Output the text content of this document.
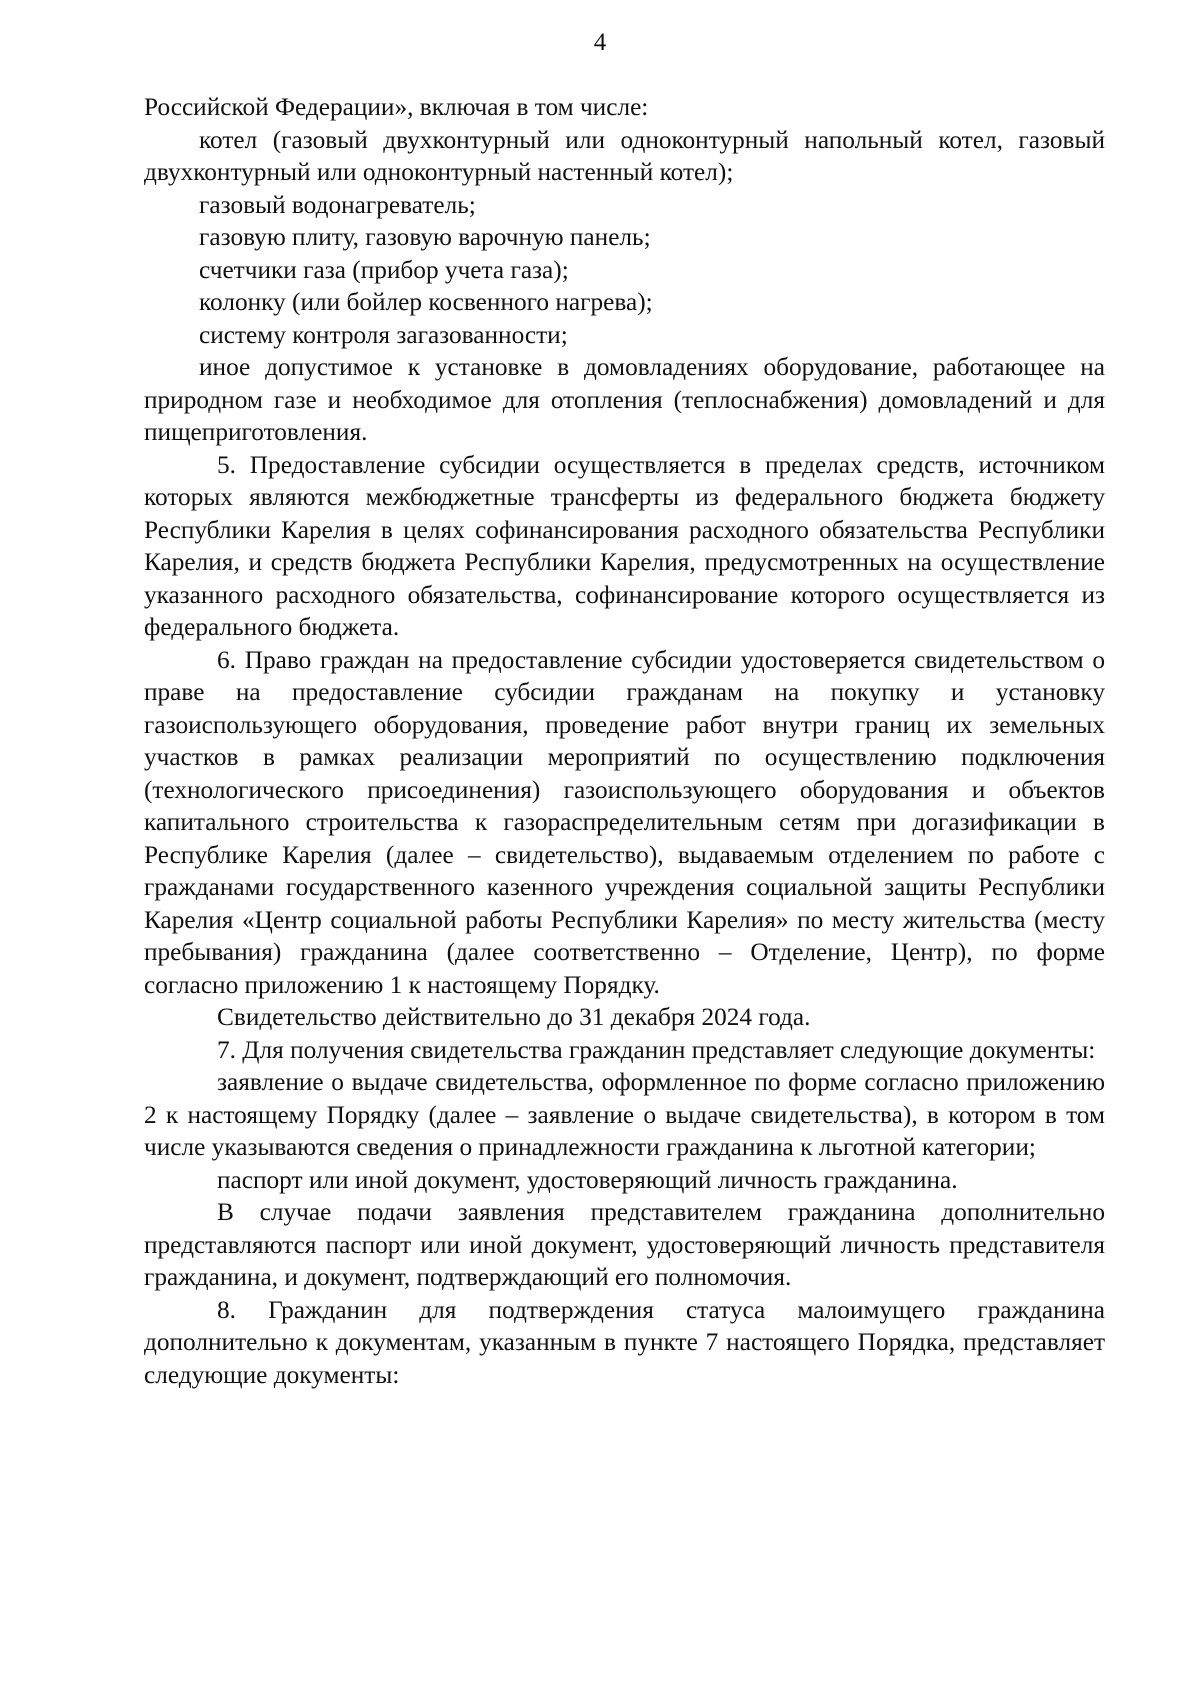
4

Российской Федерации», включая в том числе:

котел (газовый двухконтурный или одноконтурный напольный котел, газовый двухконтурный или одноконтурный настенный котел);

газовый водонагреватель;

газовую плиту, газовую варочную панель;

счетчики газа (прибор учета газа);

колонку (или бойлер косвенного нагрева);

систему контроля загазованности;

иное допустимое к установке в домовладениях оборудование, работающее на природном газе и необходимое для отопления (теплоснабжения) домовладений и для пищеприготовления.

5. Предоставление субсидии осуществляется в пределах средств, источником которых являются межбюджетные трансферты из федерального бюджета бюджету Республики Карелия в целях софинансирования расходного обязательства Республики Карелия, и средств бюджета Республики Карелия, предусмотренных на осуществление указанного расходного обязательства, софинансирование которого осуществляется из федерального бюджета.

6. Право граждан на предоставление субсидии удостоверяется свидетельством о праве на предоставление субсидии гражданам на покупку и установку газоиспользующего оборудования, проведение работ внутри границ их земельных участков в рамках реализации мероприятий по осуществлению подключения (технологического присоединения) газоиспользующего оборудования и объектов капитального строительства к газораспределительным сетям при догазификации в Республике Карелия (далее – свидетельство), выдаваемым отделением по работе с гражданами государственного казенного учреждения социальной защиты Республики Карелия «Центр социальной работы Республики Карелия» по месту жительства (месту пребывания) гражданина (далее соответственно – Отделение, Центр), по форме согласно приложению 1 к настоящему Порядку.

Свидетельство действительно до 31 декабря 2024 года.

7. Для получения свидетельства гражданин представляет следующие документы:

заявление о выдаче свидетельства, оформленное по форме согласно приложению 2 к настоящему Порядку (далее – заявление о выдаче свидетельства), в котором в том числе указываются сведения о принадлежности гражданина к льготной категории;

паспорт или иной документ, удостоверяющий личность гражданина.

В случае подачи заявления представителем гражданина дополнительно представляются паспорт или иной документ, удостоверяющий личность представителя гражданина, и документ, подтверждающий его полномочия.

8. Гражданин для подтверждения статуса малоимущего гражданина дополнительно к документам, указанным в пункте 7 настоящего Порядка, представляет следующие документы:
